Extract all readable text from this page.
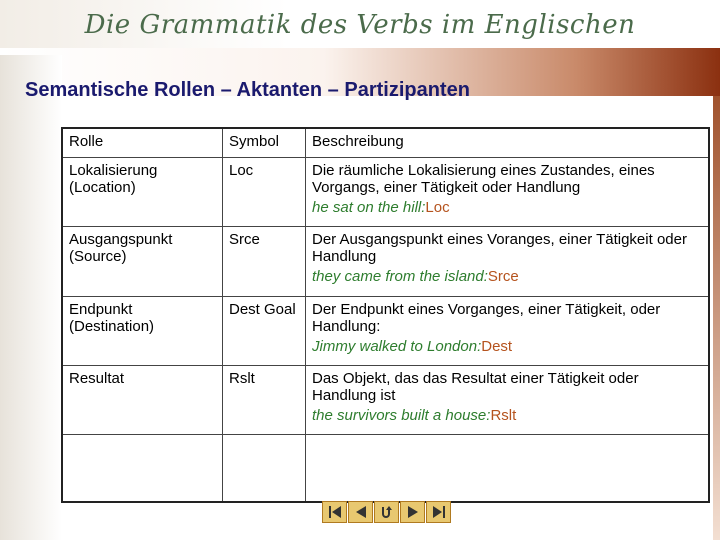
Die Grammatik des Verbs im Englischen
Semantische Rollen – Aktanten – Partizipanten
Rolle	Symbol	Beschreibung
Lokalisierung (Location)	Loc	Die räumliche Lokalisierung eines Zustandes, eines Vorgangs, einer Tätigkeit oder Handlung
he sat on the hill:Loc

Ausgangspunkt (Source)	Srce	Der Ausgangspunkt eines Voranges, einer Tätigkeit oder Handlung
they came from the island:Srce

Endpunkt (Destination)	Dest Goal	Der Endpunkt eines Vorganges, einer Tätigkeit, oder Handlung:
Jimmy walked to London:Dest

Resultat	Rslt	Das Objekt, das das Resultat einer Tätigkeit oder Handlung ist
the survivors built a house:Rslt
